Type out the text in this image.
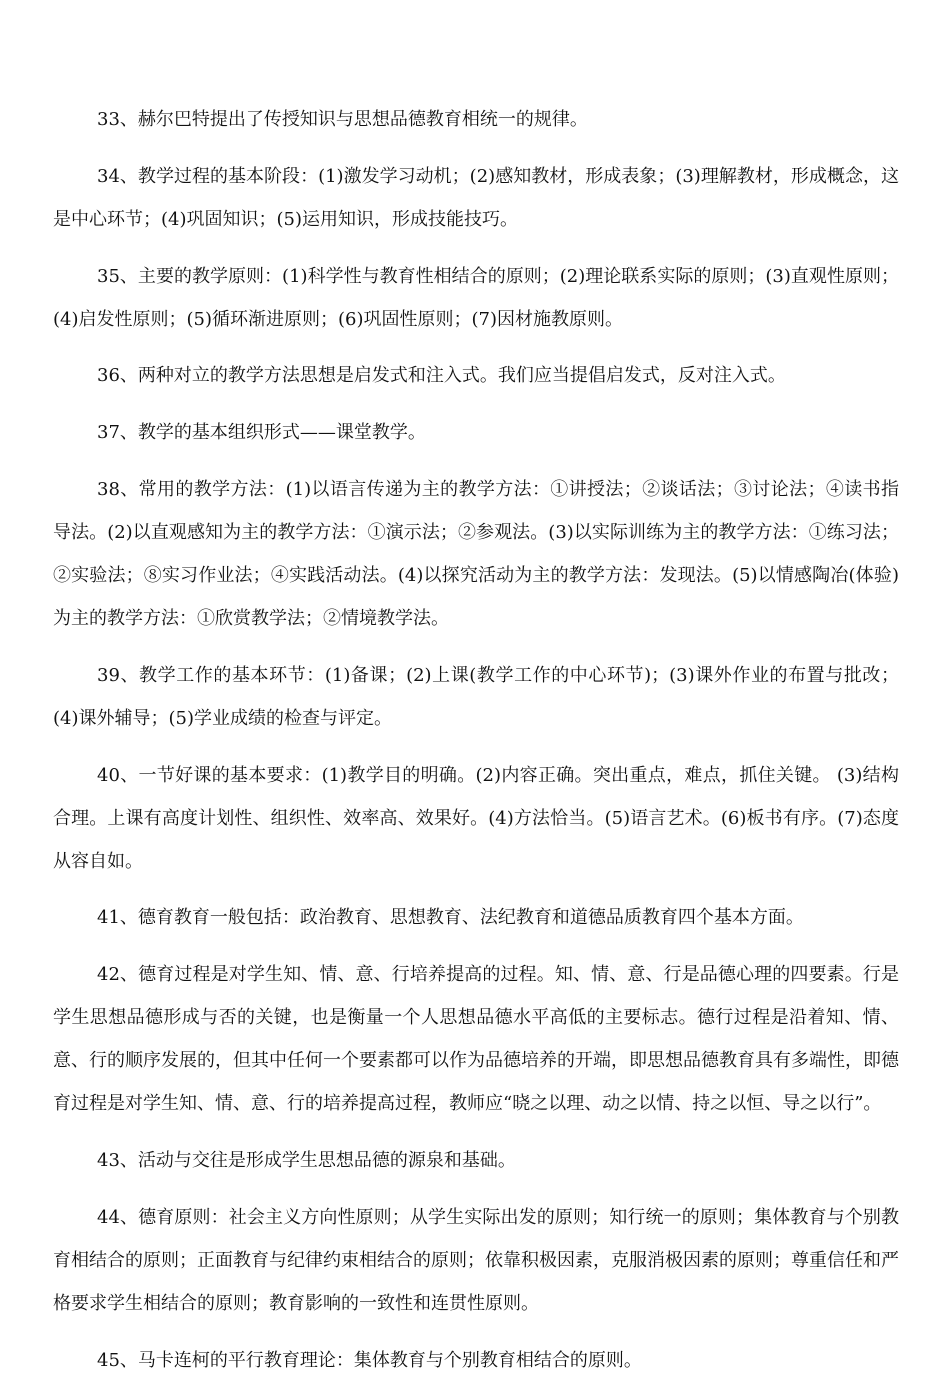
33、赫尔巴特提出了传授知识与思想品德教育相统一的规律。

34、教学过程的基本阶段：(1)激发学习动机；(2)感知教材，形成表象；(3)理解教材，形成概念，这是中心环节；(4)巩固知识；(5)运用知识，形成技能技巧。

35、主要的教学原则：(1)科学性与教育性相结合的原则；(2)理论联系实际的原则；(3)直观性原则；(4)启发性原则；(5)循环渐进原则；(6)巩固性原则；(7)因材施教原则。

36、两种对立的教学方法思想是启发式和注入式。我们应当提倡启发式，反对注入式。

37、教学的基本组织形式——课堂教学。

38、常用的教学方法：(1)以语言传递为主的教学方法：①讲授法；②谈话法；③讨论法；④读书指导法。(2)以直观感知为主的教学方法：①演示法；②参观法。(3)以实际训练为主的教学方法：①练习法；②实验法；⑧实习作业法；④实践活动法。(4)以探究活动为主的教学方法：发现法。(5)以情感陶冶(体验)为主的教学方法：①欣赏教学法；②情境教学法。

39、教学工作的基本环节：(1)备课；(2)上课(教学工作的中心环节)；(3)课外作业的布置与批改；(4)课外辅导；(5)学业成绩的检查与评定。

40、一节好课的基本要求：(1)教学目的明确。(2)内容正确。突出重点，难点，抓住关键。 (3)结构合理。上课有高度计划性、组织性、效率高、效果好。(4)方法恰当。(5)语言艺术。(6)板书有序。(7)态度从容自如。

41、德育教育一般包括：政治教育、思想教育、法纪教育和道德品质教育四个基本方面。

42、德育过程是对学生知、情、意、行培养提高的过程。知、情、意、行是品德心理的四要素。行是学生思想品德形成与否的关键，也是衡量一个人思想品德水平高低的主要标志。德行过程是沿着知、情、意、行的顺序发展的，但其中任何一个要素都可以作为品德培养的开端，即思想品德教育具有多端性，即德育过程是对学生知、情、意、行的培养提高过程，教师应“晓之以理、动之以情、持之以恒、导之以行”。

43、活动与交往是形成学生思想品德的源泉和基础。

44、德育原则：社会主义方向性原则；从学生实际出发的原则；知行统一的原则；集体教育与个别教育相结合的原则；正面教育与纪律约束相结合的原则；依靠积极因素，克服消极因素的原则；尊重信任和严格要求学生相结合的原则；教育影响的一致性和连贯性原则。

45、马卡连柯的平行教育理论：集体教育与个别教育相结合的原则。
